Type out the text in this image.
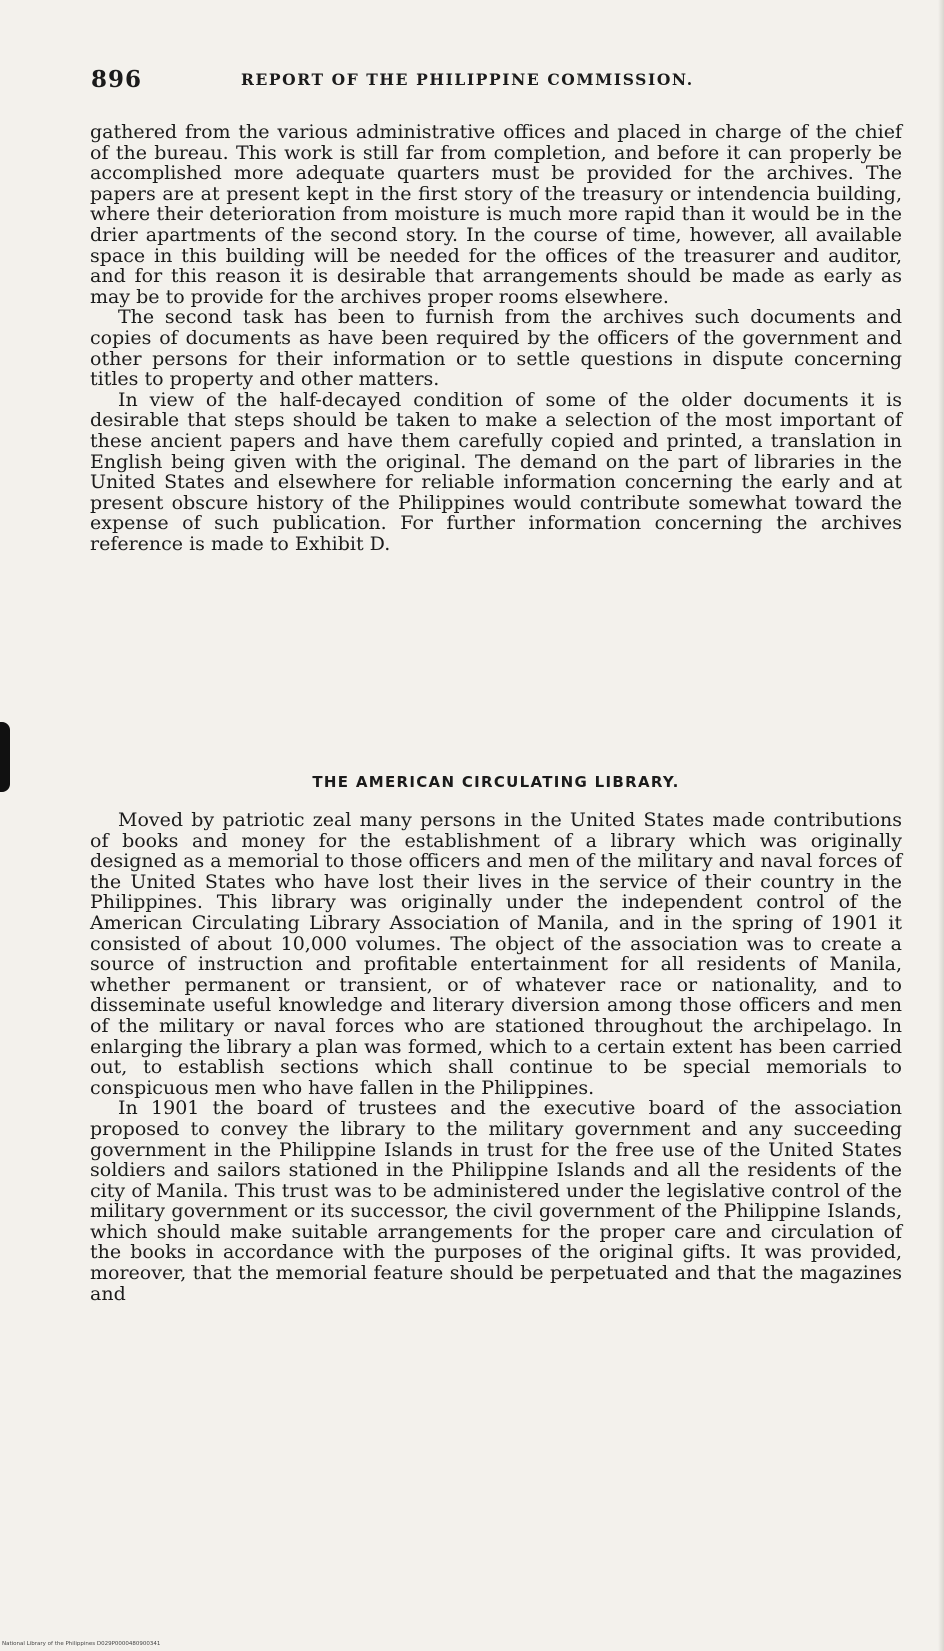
896	REPORT OF THE PHILIPPINE COMMISSION.

gathered from the various administrative offices and placed in charge of the chief of the bureau. This work is still far from completion, and before it can properly be accomplished more adequate quarters must be provided for the archives. The papers are at present kept in the first story of the treasury or intendencia building, where their deterioration from moisture is much more rapid than it would be in the drier apartments of the second story. In the course of time, however, all available space in this building will be needed for the offices of the treasurer and auditor, and for this reason it is desirable that arrangements should be made as early as may be to provide for the archives proper rooms elsewhere.

The second task has been to furnish from the archives such documents and copies of documents as have been required by the officers of the government and other persons for their information or to settle questions in dispute concerning titles to property and other matters.

In view of the half-decayed condition of some of the older documents it is desirable that steps should be taken to make a selection of the most important of these ancient papers and have them carefully copied and printed, a translation in English being given with the original. The demand on the part of libraries in the United States and elsewhere for reliable information concerning the early and at present obscure history of the Philippines would contribute somewhat toward the expense of such publication. For further information concerning the archives reference is made to Exhibit D.

THE AMERICAN CIRCULATING LIBRARY.

Moved by patriotic zeal many persons in the United States made contributions of books and money for the establishment of a library which was originally designed as a memorial to those officers and men of the military and naval forces of the United States who have lost their lives in the service of their country in the Philippines. This library was originally under the independent control of the American Circulating Library Association of Manila, and in the spring of 1901 it consisted of about 10,000 volumes. The object of the association was to create a source of instruction and profitable entertainment for all residents of Manila, whether permanent or transient, or of whatever race or nationality, and to disseminate useful knowledge and literary diversion among those officers and men of the military or naval forces who are stationed throughout the archipelago. In enlarging the library a plan was formed, which to a certain extent has been carried out, to establish sections which shall continue to be special memorials to conspicuous men who have fallen in the Philippines.

In 1901 the board of trustees and the executive board of the association proposed to convey the library to the military government and any succeeding government in the Philippine Islands in trust for the free use of the United States soldiers and sailors stationed in the Philippine Islands and all the residents of the city of Manila. This trust was to be administered under the legislative control of the military government or its successor, the civil government of the Philippine Islands, which should make suitable arrangements for the proper care and circulation of the books in accordance with the purposes of the original gifts. It was provided, moreover, that the memorial feature should be perpetuated and that the magazines and

National Library of the Philippines D029P0000480900341
